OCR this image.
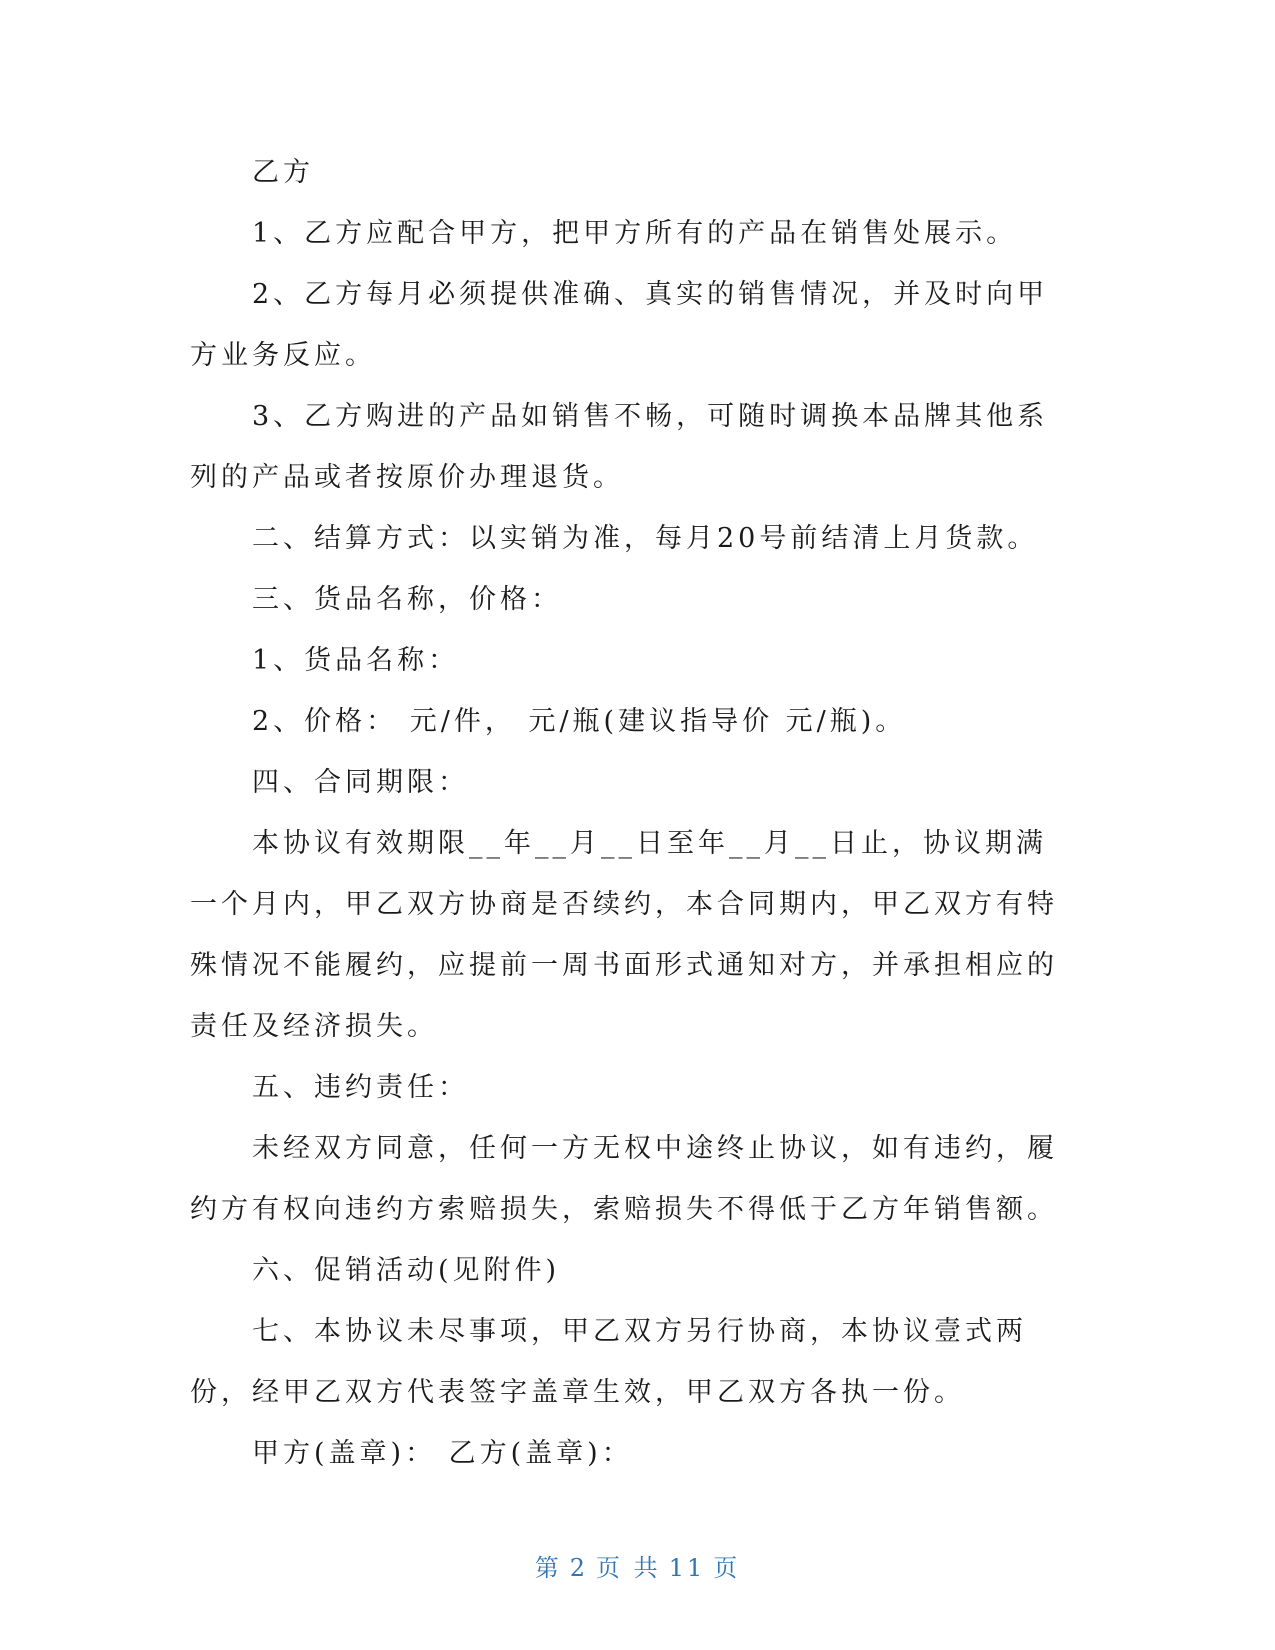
乙方

1、乙方应配合甲方，把甲方所有的产品在销售处展示。

2、乙方每月必须提供准确、真实的销售情况，并及时向甲方业务反应。

3、乙方购进的产品如销售不畅，可随时调换本品牌其他系列的产品或者按原价办理退货。

二、结算方式：以实销为准，每月20号前结清上月货款。

三、货品名称，价格：

1、货品名称：

2、价格： 元/件， 元/瓶(建议指导价 元/瓶)。

四、合同期限：

本协议有效期限__年__月__日至年__月__日止，协议期满一个月内，甲乙双方协商是否续约，本合同期内，甲乙双方有特殊情况不能履约，应提前一周书面形式通知对方，并承担相应的责任及经济损失。

五、违约责任：

未经双方同意，任何一方无权中途终止协议，如有违约，履约方有权向违约方索赔损失，索赔损失不得低于乙方年销售额。

六、促销活动(见附件)

七、本协议未尽事项，甲乙双方另行协商，本协议壹式两份，经甲乙双方代表签字盖章生效，甲乙双方各执一份。

甲方(盖章)： 乙方(盖章)：

第 2 页 共 11 页
